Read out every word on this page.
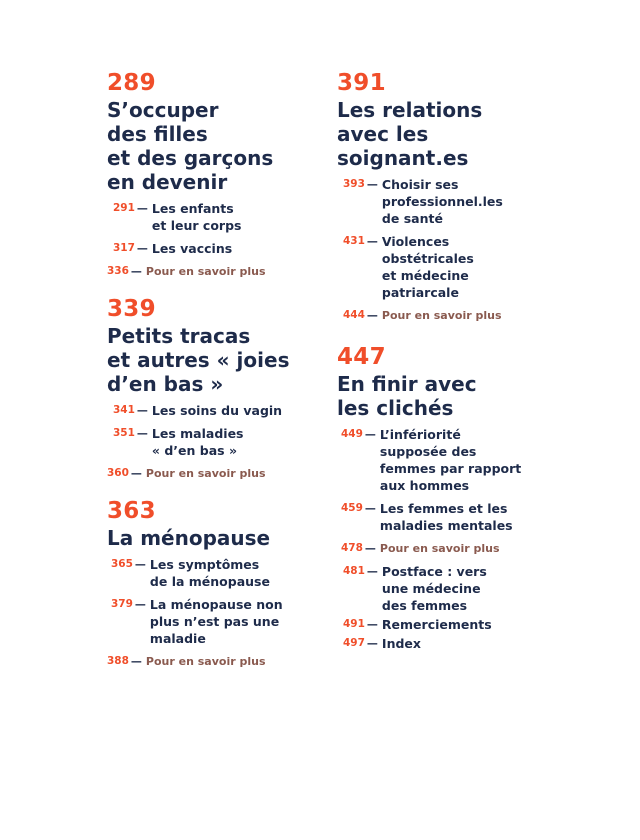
289
S’occuper
des filles
et des garçons
en devenir
291 — Les enfants
et leur corps
317 — Les vaccins
336 — Pour en savoir plus
339
Petits tracas
et autres « joies
d’en bas »
341 — Les soins du vagin
351 — Les maladies
« d’en bas »
360 — Pour en savoir plus
363
La ménopause
365 — Les symptômes
de la ménopause
379 — La ménopause non
plus n’est pas une
maladie
388 — Pour en savoir plus
391
Les relations
avec les
soignant.es
393 — Choisir ses
professionnel.les
de santé
431 — Violences
obstétricales
et médecine
patriarcale
444 — Pour en savoir plus
447
En finir avec
les clichés
449 — L’infériorité
supposée des
femmes par rapport
aux hommes
459 — Les femmes et les
maladies mentales
478 — Pour en savoir plus
481 — Postface : vers
une médecine
des femmes
491 — Remerciements
497 — Index
